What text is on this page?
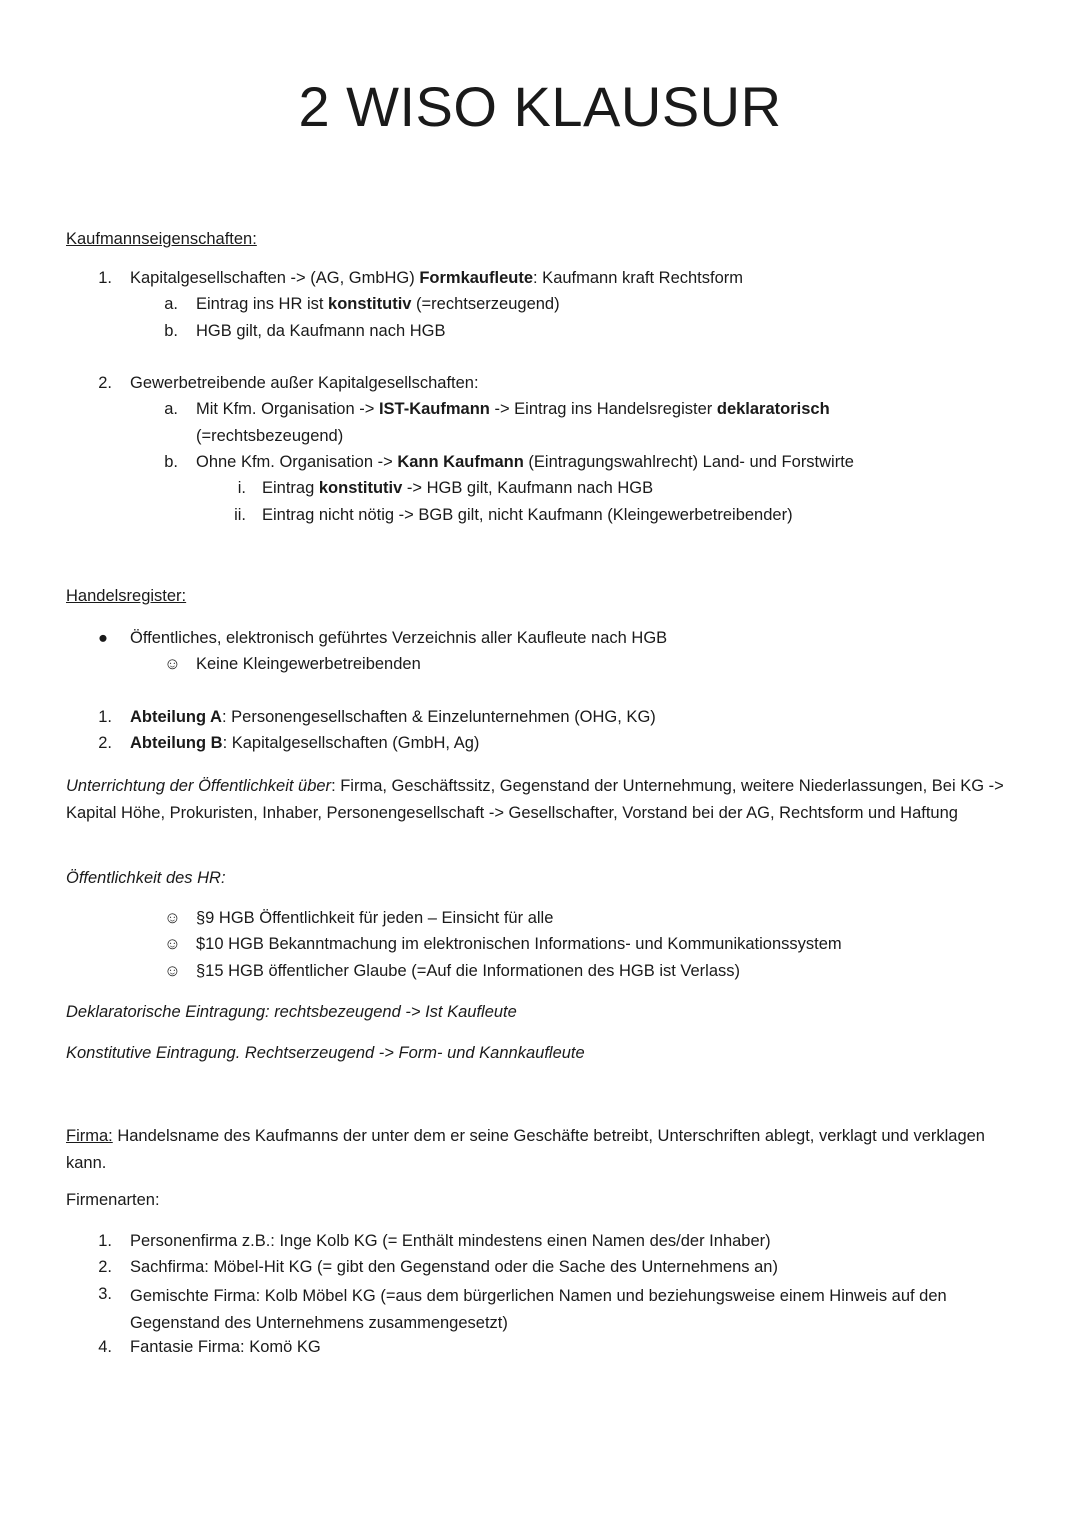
2 WISO KLAUSUR
Kaufmannseigenschaften:
1. Kapitalgesellschaften -> (AG, GmbHG) Formkaufleute: Kaufmann kraft Rechtsform
a. Eintrag ins HR ist konstitutiv (=rechtserzeugend)
b. HGB gilt, da Kaufmann nach HGB
2. Gewerbetreibende außer Kapitalgesellschaften:
a. Mit Kfm. Organisation -> IST-Kaufmann -> Eintrag ins Handelsregister deklaratorisch
(=rechtsbezeugend)
b. Ohne Kfm. Organisation -> Kann Kaufmann (Eintragungswahlrecht) Land- und Forstwirte
i. Eintrag konstitutiv -> HGB gilt, Kaufmann nach HGB
ii. Eintrag nicht nötig -> BGB gilt, nicht Kaufmann (Kleingewerbetreibender)
Handelsregister:
● Öffentliches, elektronisch geführtes Verzeichnis aller Kaufleute nach HGB
☺ Keine Kleingewerbetreibenden
1. Abteilung A: Personengesellschaften & Einzelunternehmen (OHG, KG)
2. Abteilung B: Kapitalgesellschaften (GmbH, Ag)
Unterrichtung der Öffentlichkeit über: Firma, Geschäftssitz, Gegenstand der Unternehmung, weitere Niederlassungen, Bei KG -> Kapital Höhe, Prokuristen, Inhaber, Personengesellschaft -> Gesellschafter, Vorstand bei der AG, Rechtsform und Haftung
Öffentlichkeit des HR:
☺ §9 HGB Öffentlichkeit für jeden – Einsicht für alle
☺ $10 HGB Bekanntmachung im elektronischen Informations- und Kommunikationssystem
☺ §15 HGB öffentlicher Glaube (=Auf die Informationen des HGB ist Verlass)
Deklaratorische Eintragung: rechtsbezeugend -> Ist Kaufleute
Konstitutive Eintragung. Rechtserzeugend -> Form- und Kannkaufleute
Firma: Handelsname des Kaufmanns der unter dem er seine Geschäfte betreibt, Unterschriften ablegt, verklagt und verklagen kann.
Firmenarten:
1. Personenfirma z.B.: Inge Kolb KG (= Enthält mindestens einen Namen des/der Inhaber)
2. Sachfirma: Möbel-Hit KG (= gibt den Gegenstand oder die Sache des Unternehmens an)
3. Gemischte Firma: Kolb Möbel KG (=aus dem bürgerlichen Namen und beziehungsweise einem Hinweis auf den Gegenstand des Unternehmens zusammengesetzt)
4. Fantasie Firma: Komö KG
